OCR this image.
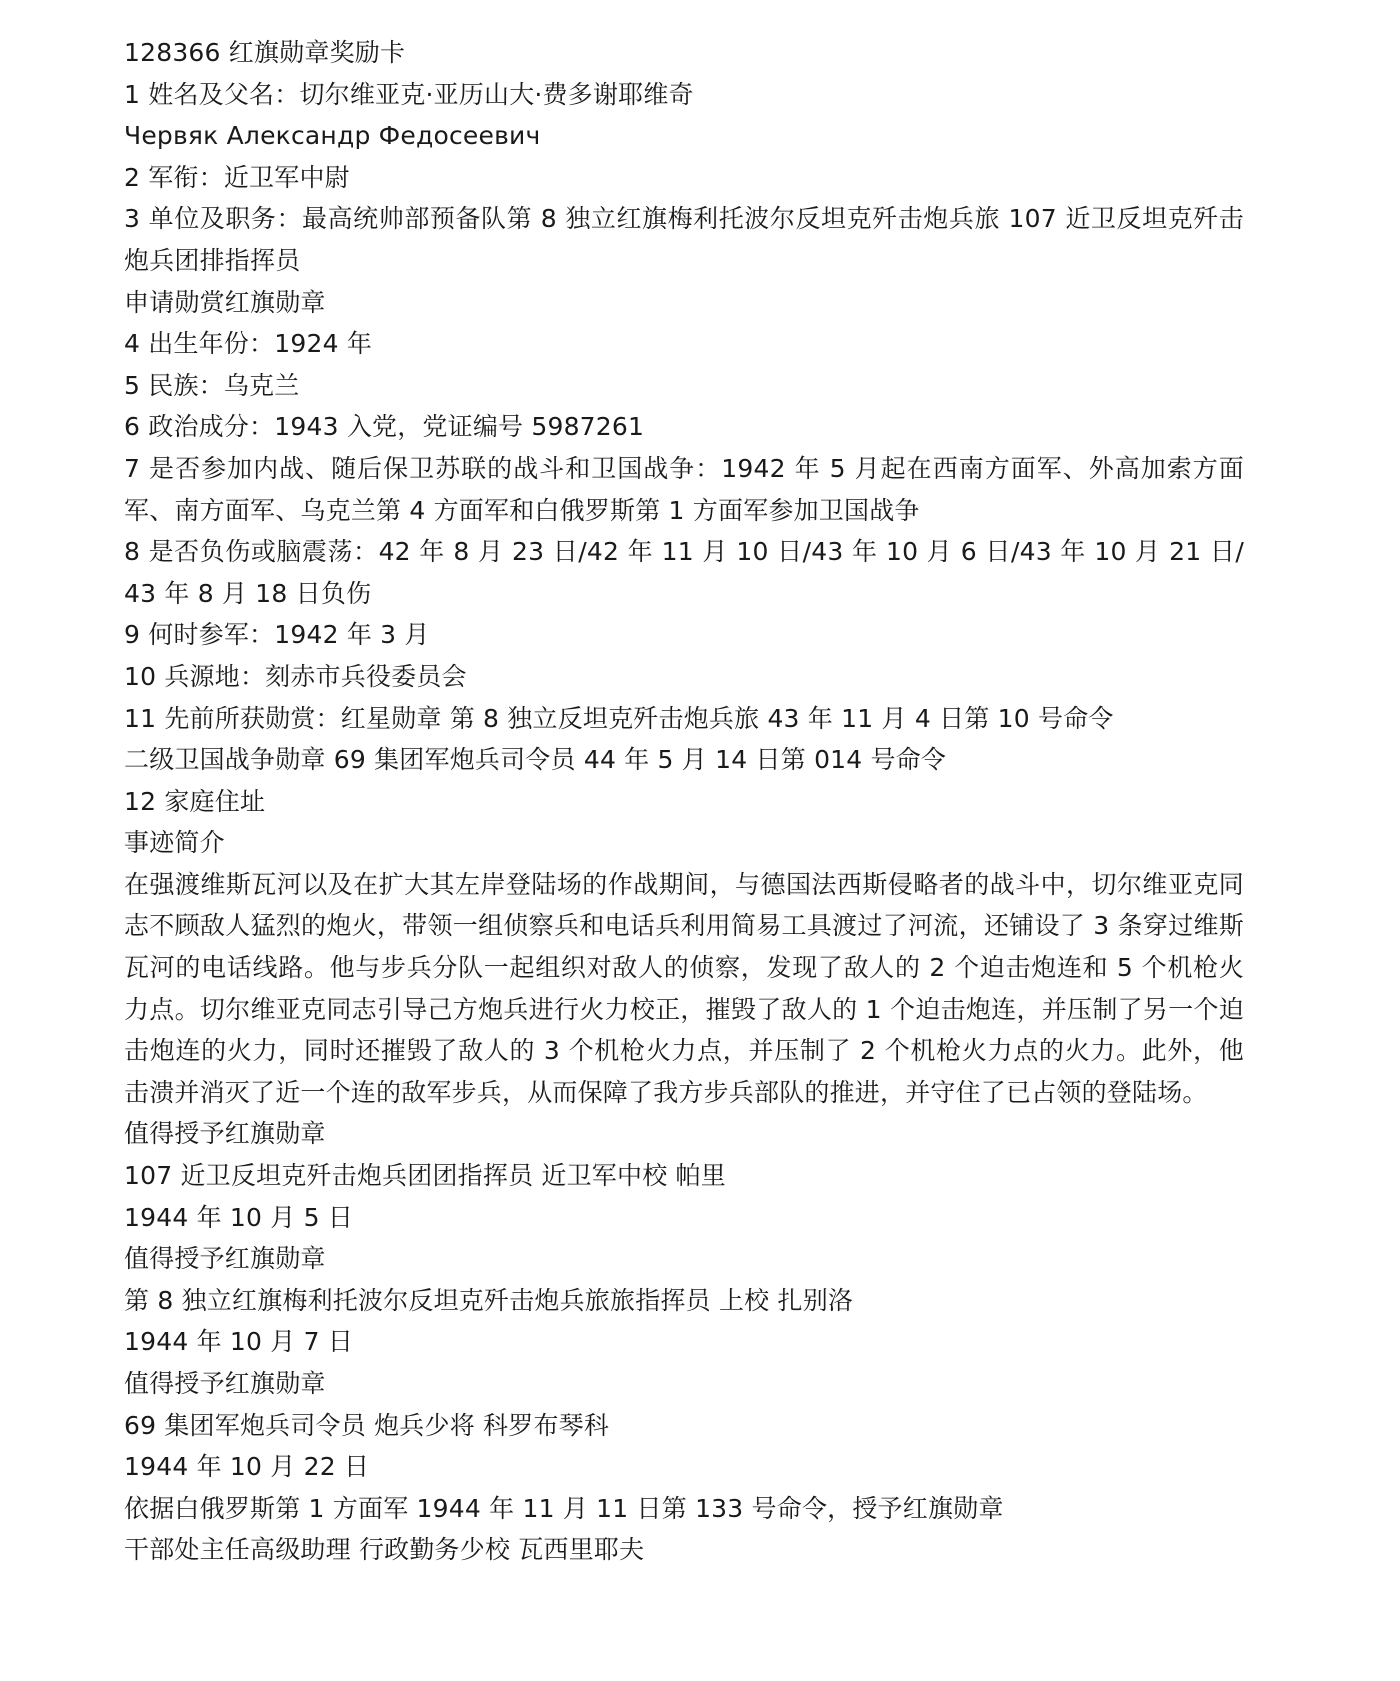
128366 红旗勋章奖励卡

1 姓名及父名：切尔维亚克·亚历山大·费多谢耶维奇

Червяк Александр Федосеевич

2 军衔：近卫军中尉

3 单位及职务：最高统帅部预备队第 8 独立红旗梅利托波尔反坦克歼击炮兵旅 107 近卫反坦克歼击炮兵团排指挥员

申请勋赏红旗勋章

4 出生年份：1924 年

5 民族：乌克兰

6 政治成分：1943 入党，党证编号 5987261

7 是否参加内战、随后保卫苏联的战斗和卫国战争：1942 年 5 月起在西南方面军、外高加索方面军、南方面军、乌克兰第 4 方面军和白俄罗斯第 1 方面军参加卫国战争

8 是否负伤或脑震荡：42 年 8 月 23 日/42 年 11 月 10 日/43 年 10 月 6 日/43 年 10 月 21 日/43 年 8 月 18 日负伤

9 何时参军：1942 年 3 月

10 兵源地：刻赤市兵役委员会

11 先前所获勋赏：红星勋章 第 8 独立反坦克歼击炮兵旅 43 年 11 月 4 日第 10 号命令

二级卫国战争勋章 69 集团军炮兵司令员 44 年 5 月 14 日第 014 号命令

12 家庭住址

事迹简介

在强渡维斯瓦河以及在扩大其左岸登陆场的作战期间，与德国法西斯侵略者的战斗中，切尔维亚克同志不顾敌人猛烈的炮火，带领一组侦察兵和电话兵利用简易工具渡过了河流，还铺设了 3 条穿过维斯瓦河的电话线路。他与步兵分队一起组织对敌人的侦察，发现了敌人的 2 个迫击炮连和 5 个机枪火力点。切尔维亚克同志引导己方炮兵进行火力校正，摧毁了敌人的 1 个迫击炮连，并压制了另一个迫击炮连的火力，同时还摧毁了敌人的 3 个机枪火力点，并压制了 2 个机枪火力点的火力。此外，他击溃并消灭了近一个连的敌军步兵，从而保障了我方步兵部队的推进，并守住了已占领的登陆场。

值得授予红旗勋章

107 近卫反坦克歼击炮兵团团指挥员 近卫军中校 帕里

1944 年 10 月 5 日

值得授予红旗勋章

第 8 独立红旗梅利托波尔反坦克歼击炮兵旅旅指挥员 上校 扎别洛

1944 年 10 月 7 日

值得授予红旗勋章

69 集团军炮兵司令员 炮兵少将 科罗布琴科

1944 年 10 月 22 日

依据白俄罗斯第 1 方面军 1944 年 11 月 11 日第 133 号命令，授予红旗勋章

干部处主任高级助理 行政勤务少校 瓦西里耶夫
